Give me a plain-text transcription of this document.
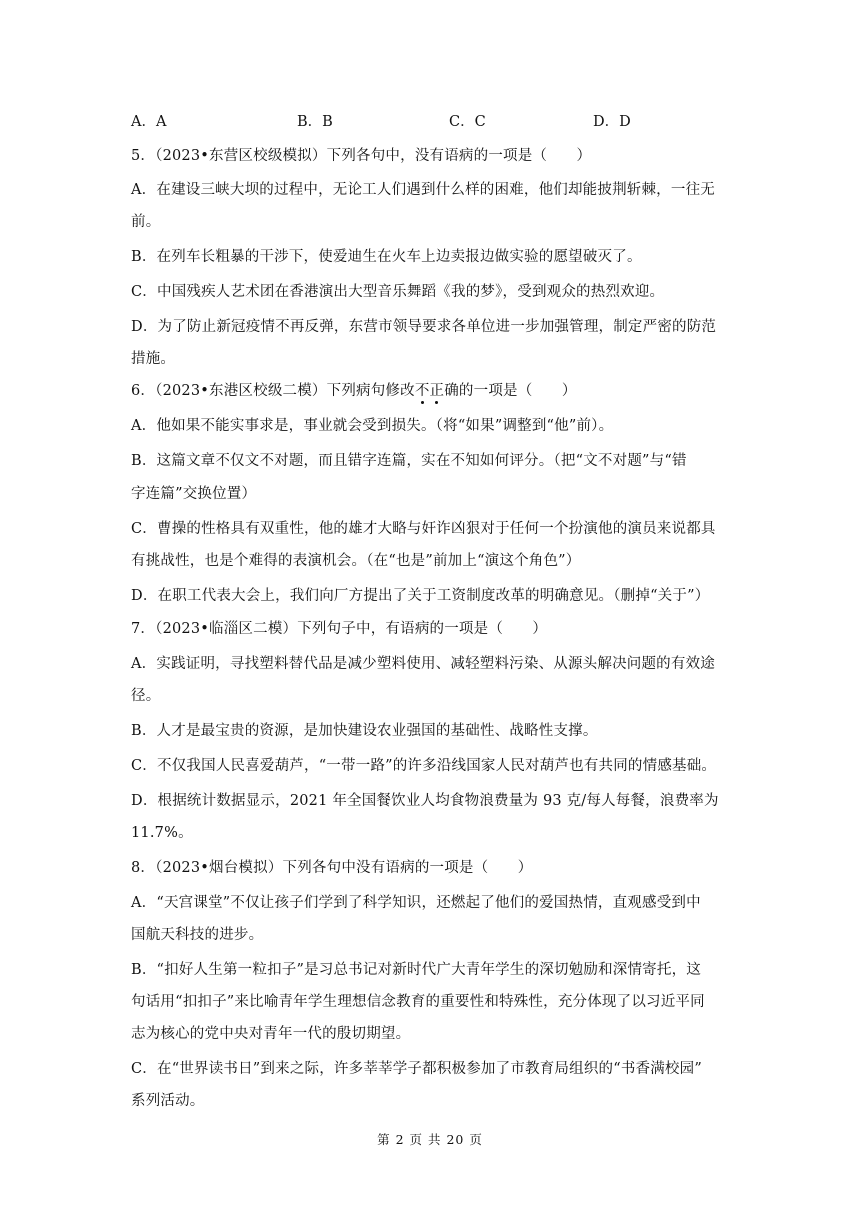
A．A	B．B	C．C	D．D
5．（2023•东营区校级模拟）下列各句中，没有语病的一项是（　　）
A．在建设三峡大坝的过程中，无论工人们遇到什么样的困难，他们却能披荆斩棘，一往无
前。
B．在列车长粗暴的干涉下，使爱迪生在火车上边卖报边做实验的愿望破灭了。
C．中国残疾人艺术团在香港演出大型音乐舞蹈《我的梦》，受到观众的热烈欢迎。
D．为了防止新冠疫情不再反弹，东营市领导要求各单位进一步加强管理，制定严密的防范
措施。
6．（2023•东港区校级二模）下列病句修改不正确的一项是（　　）
A．他如果不能实事求是，事业就会受到损失。（将“如果”调整到“他”前）。
B．这篇文章不仅文不对题，而且错字连篇，实在不知如何评分。（把“文不对题”与“错
字连篇”交换位置）
C．曹操的性格具有双重性，他的雄才大略与奸诈凶狠对于任何一个扮演他的演员来说都具
有挑战性，也是个难得的表演机会。（在“也是”前加上“演这个角色”）
D．在职工代表大会上，我们向厂方提出了关于工资制度改革的明确意见。（删掉“关于”）
7．（2023•临淄区二模）下列句子中，有语病的一项是（　　）
A．实践证明，寻找塑料替代品是减少塑料使用、减轻塑料污染、从源头解决问题的有效途
径。
B．人才是最宝贵的资源，是加快建设农业强国的基础性、战略性支撑。
C．不仅我国人民喜爱葫芦，“一带一路”的许多沿线国家人民对葫芦也有共同的情感基础。
D．根据统计数据显示，2021 年全国餐饮业人均食物浪费量为 93 克/每人每餐，浪费率为
11.7%。
8．（2023•烟台模拟）下列各句中没有语病的一项是（　　）
A．“天宫课堂”不仅让孩子们学到了科学知识，还燃起了他们的爱国热情，直观感受到中
国航天科技的进步。
B．“扣好人生第一粒扣子”是习总书记对新时代广大青年学生的深切勉励和深情寄托，这
句话用“扣扣子”来比喻青年学生理想信念教育的重要性和特殊性，充分体现了以习近平同
志为核心的党中央对青年一代的殷切期望。
C．在“世界读书日”到来之际，许多莘莘学子都积极参加了市教育局组织的“书香满校园”
系列活动。
第 2 页 共 20 页
